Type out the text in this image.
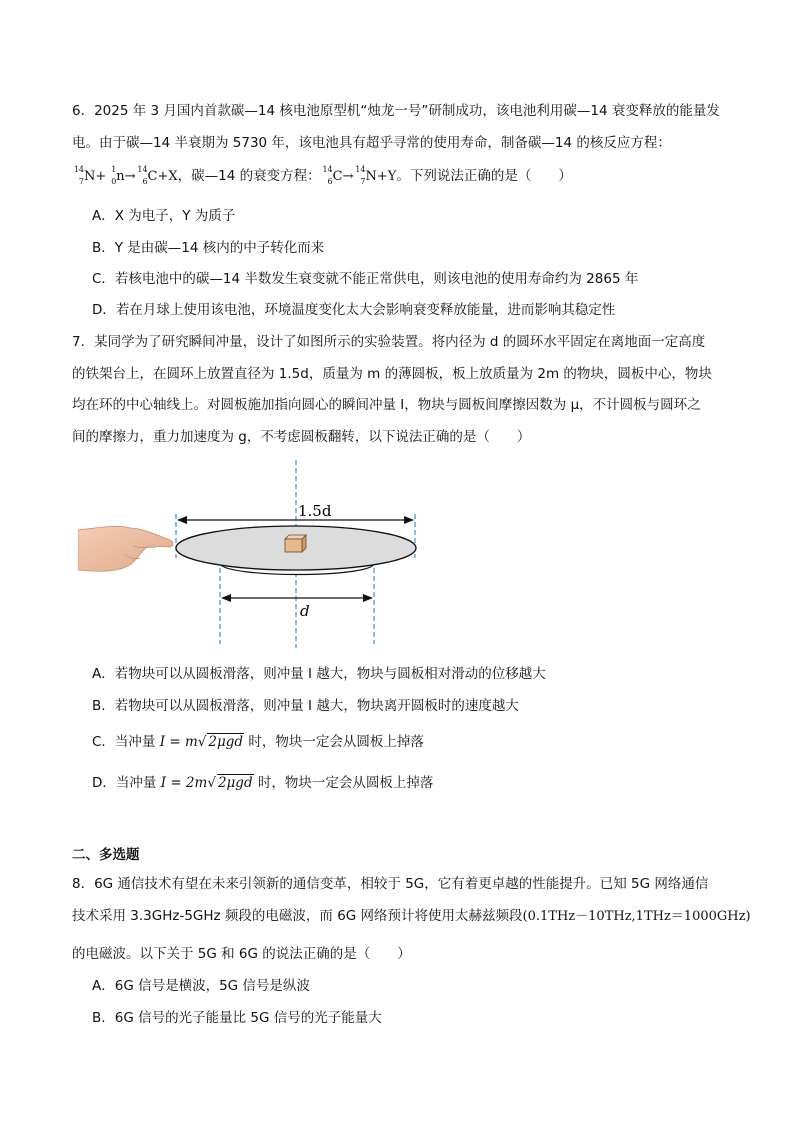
6．2025 年 3 月国内首款碳—14 核电池原型机“烛龙一号”研制成功，该电池利用碳—14 衰变释放的能量发
电。由于碳—14 半衰期为 5730 年，该电池具有超乎寻常的使用寿命，制备碳—14 的核反应方程：
14
7 N+ 1
0 n→ 14
6 C+X，碳—14 的衰变方程： 14
6 C→ 14
7 N+Y。下列说法正确的是（　　）
A．X 为电子，Y 为质子
B．Y 是由碳—14 核内的中子转化而来
C．若核电池中的碳—14 半数发生衰变就不能正常供电，则该电池的使用寿命约为 2865 年
D．若在月球上使用该电池，环境温度变化太大会影响衰变释放能量，进而影响其稳定性
7．某同学为了研究瞬间冲量，设计了如图所示的实验装置。将内径为 d 的圆环水平固定在离地面一定高度
的铁架台上，在圆环上放置直径为 1.5d，质量为 m 的薄圆板，板上放质量为 2m 的物块，圆板中心，物块
均在环的中心轴线上。对圆板施加指向圆心的瞬间冲量 I，物块与圆板间摩擦因数为 μ，不计圆板与圆环之
间的摩擦力，重力加速度为 g，不考虑圆板翻转，以下说法正确的是（　　）
1.5d
d
A．若物块可以从圆板滑落，则冲量 I 越大，物块与圆板相对滑动的位移越大
B．若物块可以从圆板滑落，则冲量 I 越大，物块离开圆板时的速度越大
C．当冲量 I = m√ 2μgd 时，物块一定会从圆板上掉落
D．当冲量 I = 2m√ 2μgd 时，物块一定会从圆板上掉落
二、多选题
8．6G 通信技术有望在未来引领新的通信变革，相较于 5G，它有着更卓越的性能提升。已知 5G 网络通信
技术采用 3.3GHz-5GHz 频段的电磁波，而 6G 网络预计将使用太赫兹频段(0.1THz－10THz,1THz＝1000GHz)
的电磁波。以下关于 5G 和 6G 的说法正确的是（　　）
A．6G 信号是横波，5G 信号是纵波
B．6G 信号的光子能量比 5G 信号的光子能量大
